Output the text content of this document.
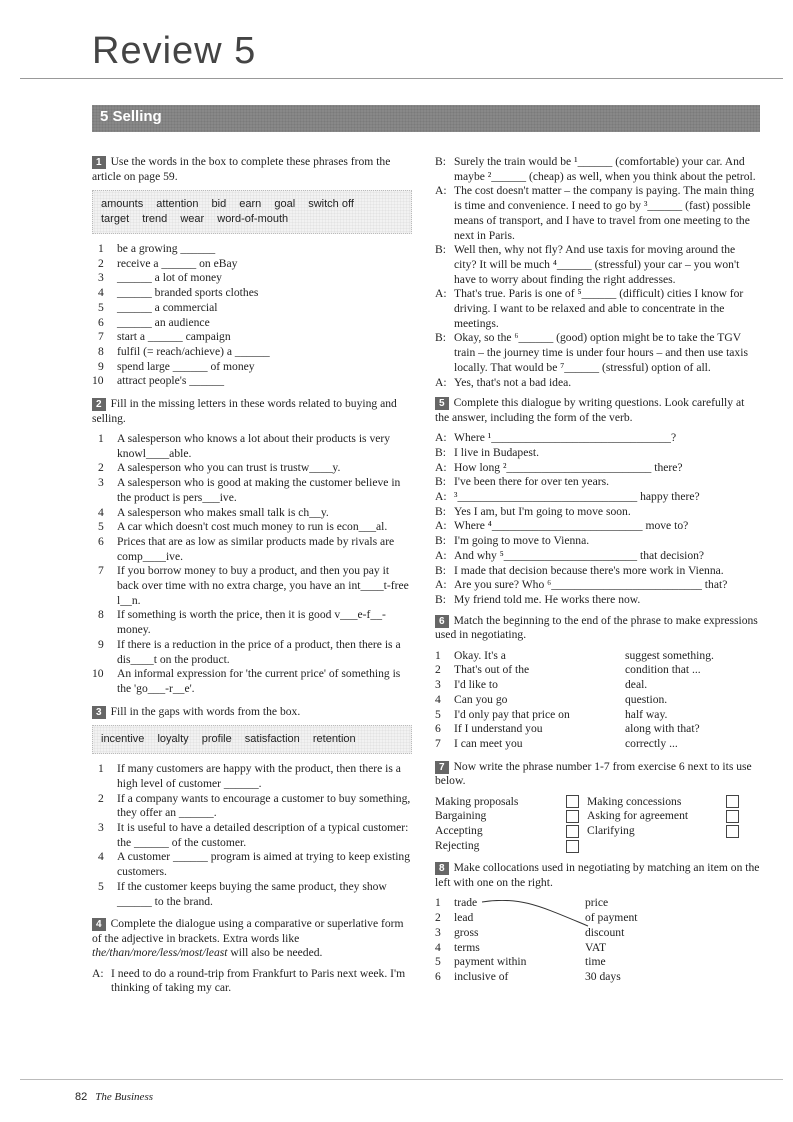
Review 5
5 Selling
1 Use the words in the box to complete these phrases from the article on page 59.
amounts attention bid earn goal switch off
target trend wear word-of-mouth
1 be a growing ______
2 receive a ______ on eBay
3 ______ a lot of money
4 ______ branded sports clothes
5 ______ a commercial
6 ______ an audience
7 start a ______ campaign
8 fulfil (= reach/achieve) a ______
9 spend large ______ of money
10 attract people's ______
2 Fill in the missing letters in these words related to buying and selling.
1 A salesperson who knows a lot about their products is very knowl____able.
2 A salesperson who you can trust is trustw____y.
3 A salesperson who is good at making the customer believe in the product is pers___ive.
4 A salesperson who makes small talk is ch__y.
5 A car which doesn't cost much money to run is econ___al.
6 Prices that are as low as similar products made by rivals are comp____ive.
7 If you borrow money to buy a product, and then you pay it back over time with no extra charge, you have an int____t-free l__n.
8 If something is worth the price, then it is good v___e-f__-money.
9 If there is a reduction in the price of a product, then there is a dis____t on the product.
10 An informal expression for 'the current price' of something is the 'go___-r__e'.
3 Fill in the gaps with words from the box.
incentive loyalty profile satisfaction retention
1 If many customers are happy with the product, then there is a high level of customer ______.
2 If a company wants to encourage a customer to buy something, they offer an ______.
3 It is useful to have a detailed description of a typical customer: the ______ of the customer.
4 A customer ______ program is aimed at trying to keep existing customers.
5 If the customer keeps buying the same product, they show ______ to the brand.
4 Complete the dialogue using a comparative or superlative form of the adjective in brackets. Extra words like the/than/more/less/most/least will also be needed.
A: I need to do a round-trip from Frankfurt to Paris next week. I'm thinking of taking my car.
B: Surely the train would be ¹______ (comfortable) your car. And maybe ²______ (cheap) as well, when you think about the petrol.
A: The cost doesn't matter – the company is paying. The main thing is time and convenience. I need to go by ³______ (fast) possible means of transport, and I have to travel from one meeting to the next in Paris.
B: Well then, why not fly? And use taxis for moving around the city? It will be much ⁴______ (stressful) your car – you won't have to worry about finding the right addresses.
A: That's true. Paris is one of ⁵______ (difficult) cities I know for driving. I want to be relaxed and able to concentrate in the meetings.
B: Okay, so the ⁶______ (good) option might be to take the TGV train – the journey time is under four hours – and then use taxis locally. That would be ⁷______ (stressful) option of all.
A: Yes, that's not a bad idea.
5 Complete this dialogue by writing questions. Look carefully at the answer, including the form of the verb.
A: Where ¹_______________________________?
B: I live in Budapest.
A: How long ²_________________________ there?
B: I've been there for over ten years.
A: ³_______________________________ happy there?
B: Yes I am, but I'm going to move soon.
A: Where ⁴__________________________ move to?
B: I'm going to move to Vienna.
A: And why ⁵_______________________ that decision?
B: I made that decision because there's more work in Vienna.
A: Are you sure? Who ⁶__________________________ that?
B: My friend told me. He works there now.
6 Match the beginning to the end of the phrase to make expressions used in negotiating.
1 Okay. It's a	suggest something.
2 That's out of the	condition that ...
3 I'd like to	deal.
4 Can you go	question.
5 I'd only pay that price on	half way.
6 If I understand you	along with that?
7 I can meet you	correctly ...
7 Now write the phrase number 1-7 from exercise 6 next to its use below.
Making proposals	Making concessions
Bargaining	Asking for agreement
Accepting	Clarifying
Rejecting
8 Make collocations used in negotiating by matching an item on the left with one on the right.
1 trade	price
2 lead	of payment
3 gross	discount
4 terms	VAT
5 payment within	time
6 inclusive of	30 days
82 The Business
